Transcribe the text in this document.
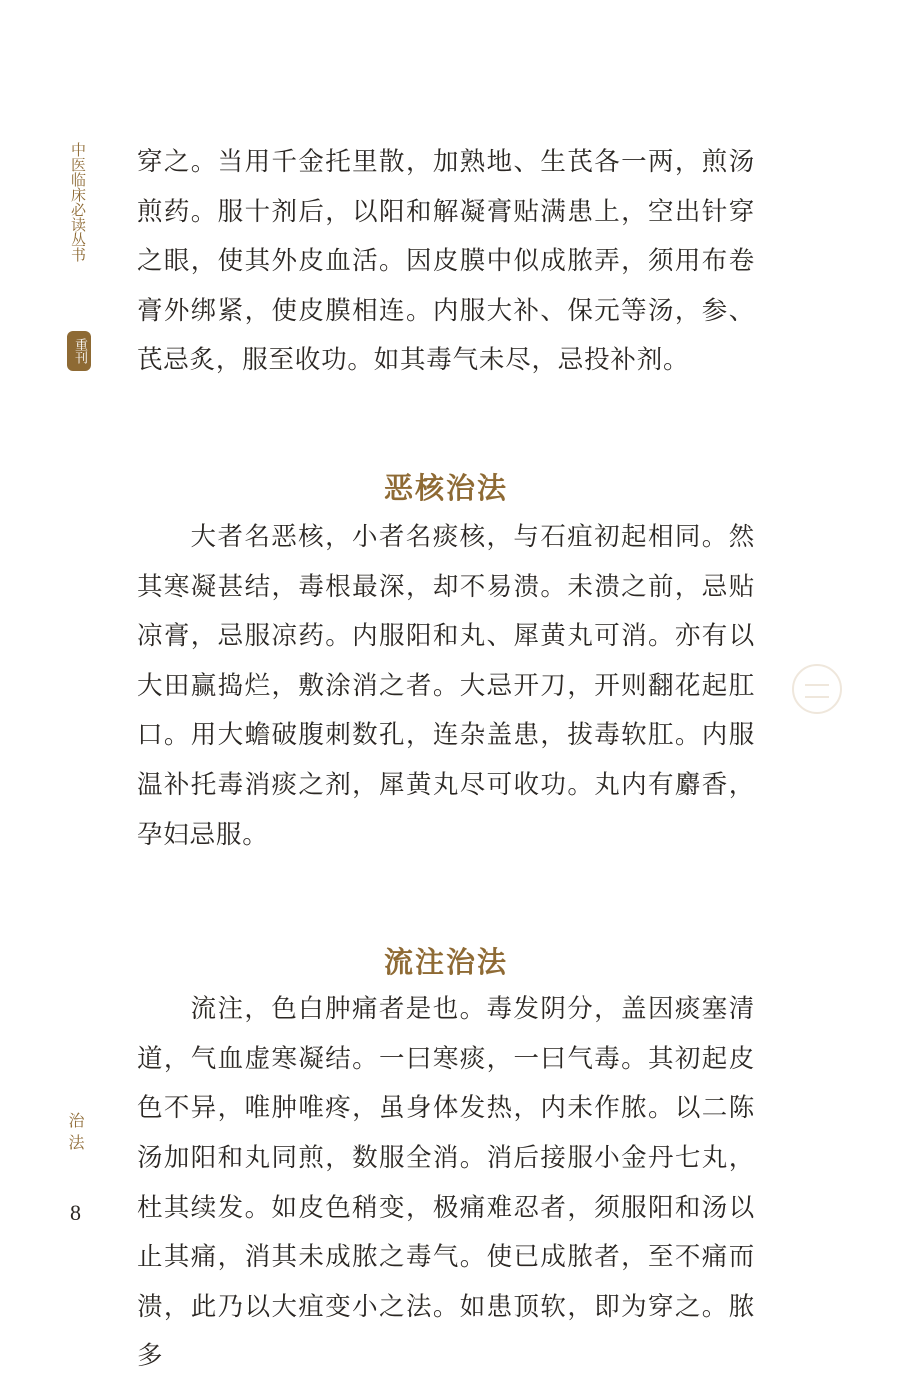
中医临床必读丛书
重刊
治法
8

穿之。当用千金托里散，加熟地、生芪各一两，煎汤煎药。服十剂后，以阳和解凝膏贴满患上，空出针穿之眼，使其外皮血活。因皮膜中似成脓弄，须用布卷膏外绑紧，使皮膜相连。内服大补、保元等汤，参、芪忌炙，服至收功。如其毒气未尽，忌投补剂。

恶核治法

大者名恶核，小者名痰核，与石疽初起相同。然其寒凝甚结，毒根最深，却不易溃。未溃之前，忌贴凉膏，忌服凉药。内服阳和丸、犀黄丸可消。亦有以大田赢捣烂，敷涂消之者。大忌开刀，开则翻花起肛口。用大蟾破腹刺数孔，连杂盖患，拔毒软肛。内服温补托毒消痰之剂，犀黄丸尽可收功。丸内有麝香，孕妇忌服。

流注治法

流注，色白肿痛者是也。毒发阴分，盖因痰塞清道，气血虚寒凝结。一曰寒痰，一曰气毒。其初起皮色不异，唯肿唯疼，虽身体发热，内未作脓。以二陈汤加阳和丸同煎，数服全消。消后接服小金丹七丸，杜其续发。如皮色稍变，极痛难忍者，须服阳和汤以止其痛，消其未成脓之毒气。使已成脓者，至不痛而溃，此乃以大疽变小之法。如患顶软，即为穿之。脓多
